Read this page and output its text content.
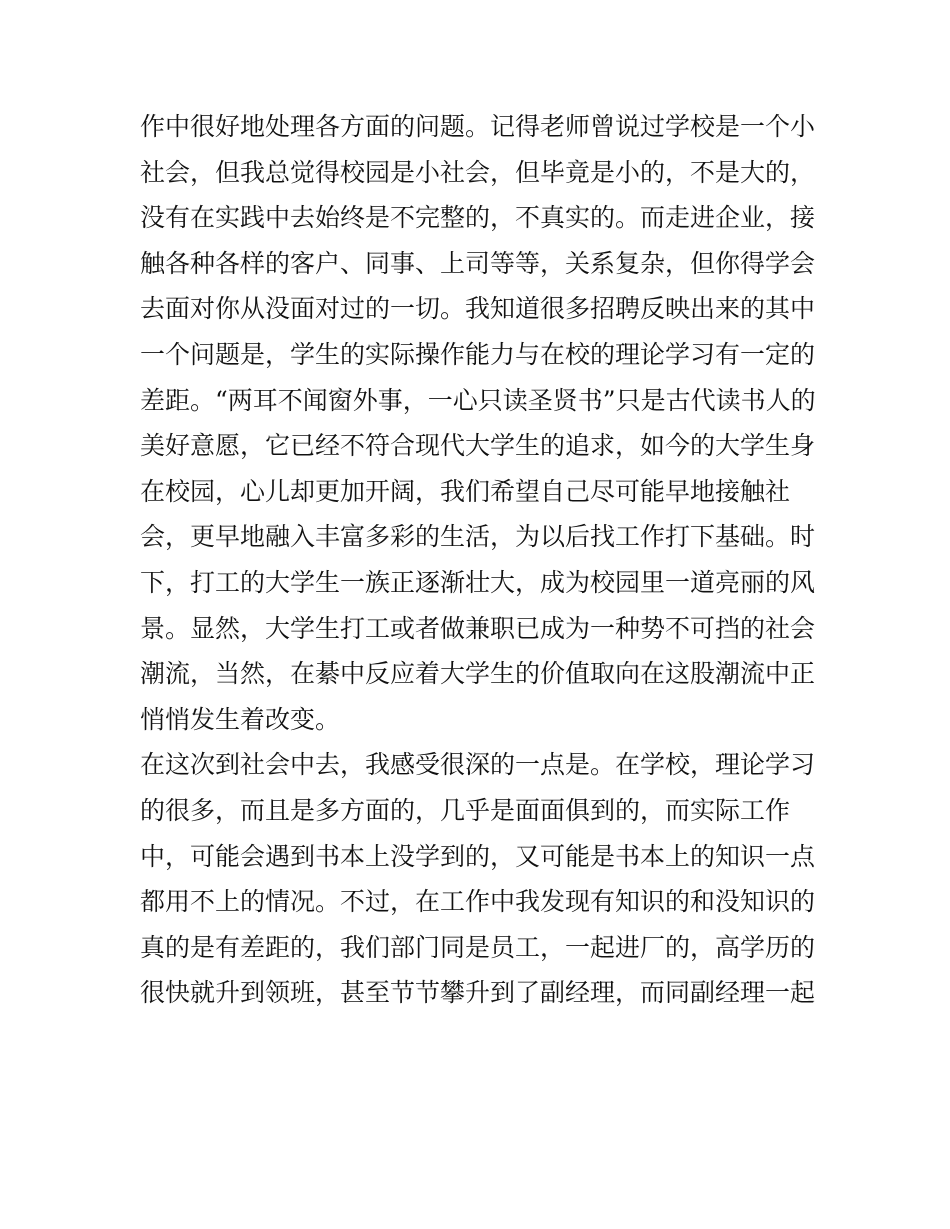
作中很好地处理各方面的问题。记得老师曾说过学校是一个小
社会，但我总觉得校园是小社会，但毕竟是小的，不是大的，
没有在实践中去始终是不完整的，不真实的。而走进企业，接
触各种各样的客户、同事、上司等等，关系复杂，但你得学会
去面对你从没面对过的一切。我知道很多招聘反映出来的其中
一个问题是，学生的实际操作能力与在校的理论学习有一定的
差距。“两耳不闻窗外事，一心只读圣贤书”只是古代读书人的
美好意愿，它已经不符合现代大学生的追求，如今的大学生身
在校园，心儿却更加开阔，我们希望自己尽可能早地接触社
会，更早地融入丰富多彩的生活，为以后找工作打下基础。时
下，打工的大学生一族正逐渐壮大，成为校园里一道亮丽的风
景。显然，大学生打工或者做兼职已成为一种势不可挡的社会
潮流，当然，在綦中反应着大学生的价值取向在这股潮流中正
悄悄发生着改变。
在这次到社会中去，我感受很深的一点是。在学校，理论学习
的很多，而且是多方面的，几乎是面面俱到的，而实际工作
中，可能会遇到书本上没学到的，又可能是书本上的知识一点
都用不上的情况。不过，在工作中我发现有知识的和没知识的
真的是有差距的，我们部门同是员工，一起进厂的，高学历的
很快就升到领班，甚至节节攀升到了副经理，而同副经理一起
